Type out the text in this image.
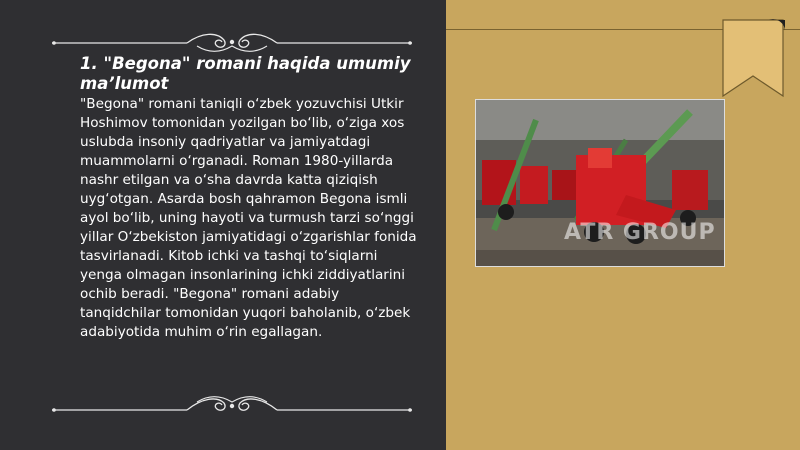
1. "Begona" romani haqida umumiy ma’lumot
"Begona" romani taniqli o‘zbek yozuvchisi Utkir Hoshimov tomonidan yozilgan bo‘lib, o‘ziga xos uslubda insoniy qadriyatlar va jamiyatdagi muammolarni o‘rganadi. Roman 1980-yillarda nashr etilgan va o‘sha davrda katta qiziqish uyg‘otgan. Asarda bosh qahramon Begona ismli ayol bo‘lib, uning hayoti va turmush tarzi so‘nggi yillar O‘zbekiston jamiyatidagi o‘zgarishlar fonida tasvirlanadi. Kitob ichki va tashqi to‘siqlarni yenga olmagan insonlarining ichki ziddiyatlarini ochib beradi. "Begona" romani adabiy tanqidchilar tomonidan yuqori baholanib, o‘zbek adabiyotida muhim o‘rin egallagan.
ATR GROUP
